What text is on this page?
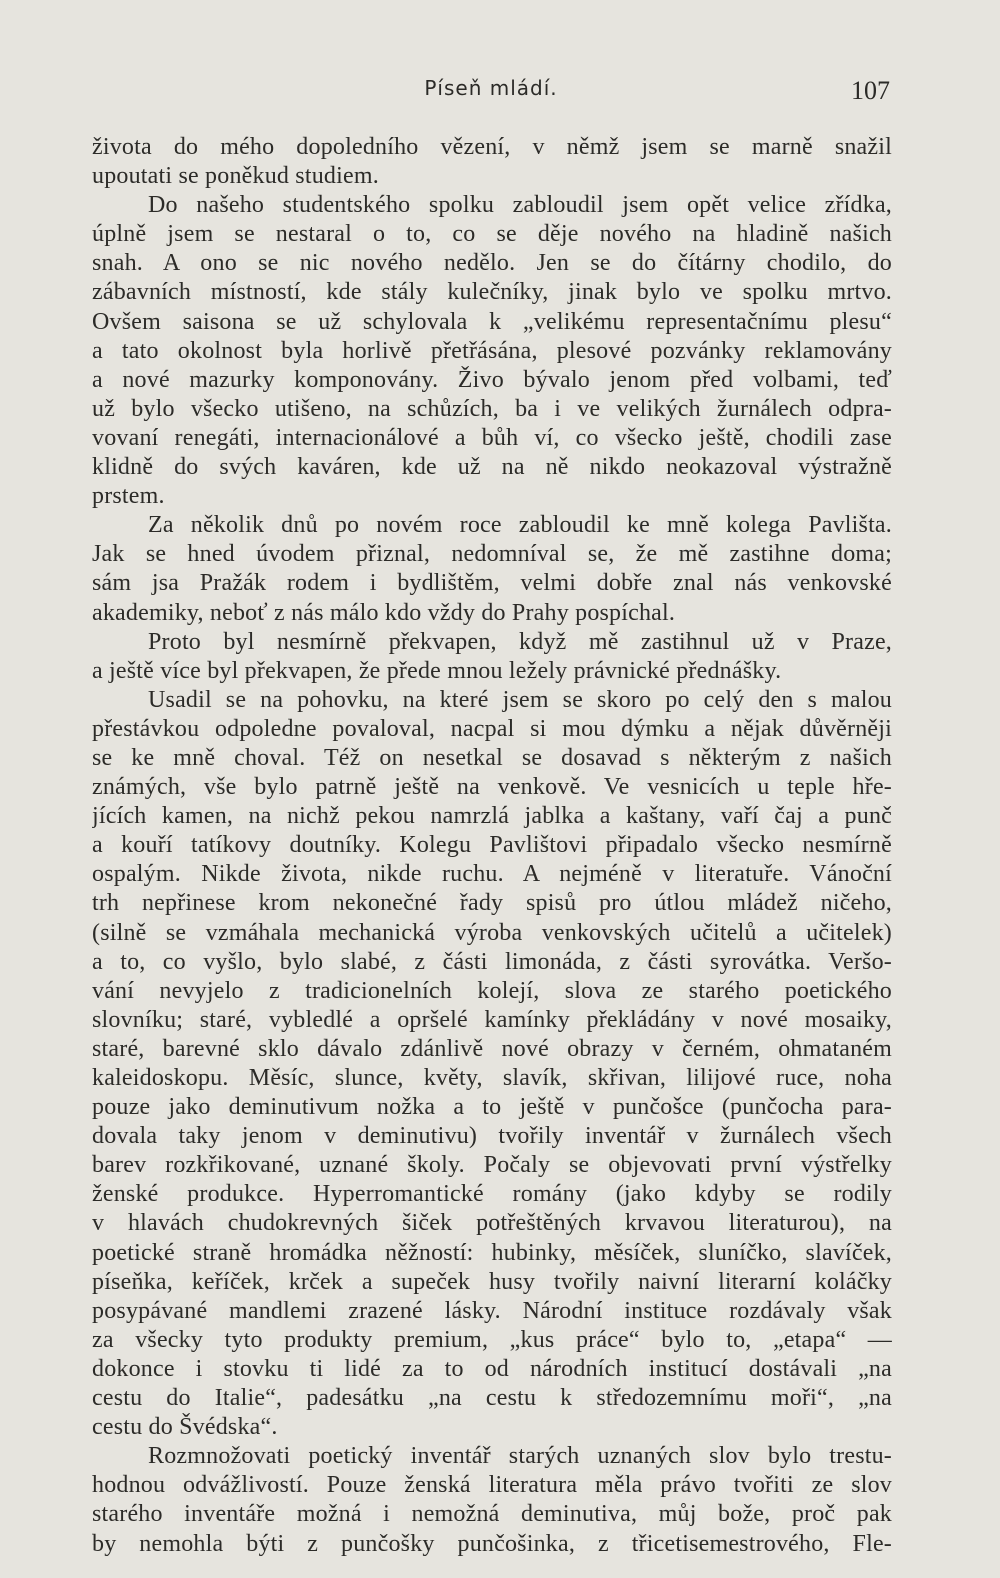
Píseň mládí.	107
života do mého dopoledního vězení, v němž jsem se marně snažil
upoutati se poněkud studiem.
Do našeho studentského spolku zabloudil jsem opět velice zřídka,
úplně jsem se nestaral o to, co se děje nového na hladině našich
snah. A ono se nic nového nedělo. Jen se do čítárny chodilo, do
zábavních místností, kde stály kulečníky, jinak bylo ve spolku mrtvo.
Ovšem saisona se už schylovala k „velikému representačnímu plesu“
a tato okolnost byla horlivě přetřásána, plesové pozvánky reklamovány
a nové mazurky komponovány. Živo bývalo jenom před volbami, teď
už bylo všecko utišeno, na schůzích, ba i ve velikých žurnálech odpra-
vovaní renegáti, internacionálové a bůh ví, co všecko ještě, chodili zase
klidně do svých kaváren, kde už na ně nikdo neokazoval výstražně
prstem.
Za několik dnů po novém roce zabloudil ke mně kolega Pavlišta.
Jak se hned úvodem přiznal, nedomníval se, že mě zastihne doma;
sám jsa Pražák rodem i bydlištěm, velmi dobře znal nás venkovské
akademiky, neboť z nás málo kdo vždy do Prahy pospíchal.
Proto byl nesmírně překvapen, když mě zastihnul už v Praze,
a ještě více byl překvapen, že přede mnou ležely právnické přednášky.
Usadil se na pohovku, na které jsem se skoro po celý den s malou
přestávkou odpoledne povaloval, nacpal si mou dýmku a nějak důvěrněji
se ke mně choval. Též on nesetkal se dosavad s některým z našich
známých, vše bylo patrně ještě na venkově. Ve vesnicích u teple hře-
jících kamen, na nichž pekou namrzlá jablka a kaštany, vaří čaj a punč
a kouří tatíkovy doutníky. Kolegu Pavlištovi připadalo všecko nesmírně
ospalým. Nikde života, nikde ruchu. A nejméně v literatuře. Vánoční
trh nepřinese krom nekonečné řady spisů pro útlou mládež ničeho,
(silně se vzmáhala mechanická výroba venkovských učitelů a učitelek)
a to, co vyšlo, bylo slabé, z části limonáda, z části syrovátka. Veršo-
vání nevyjelo z tradicionelních kolejí, slova ze starého poetického
slovníku; staré, vybledlé a opršelé kamínky překládány v nové mosaiky,
staré, barevné sklo dávalo zdánlivě nové obrazy v černém, ohmataném
kaleidoskopu. Měsíc, slunce, květy, slavík, skřivan, lilijové ruce, noha
pouze jako deminutivum nožka a to ještě v punčošce (punčocha para-
dovala taky jenom v deminutivu) tvořily inventář v žurnálech všech
barev rozkřikované, uznané školy. Počaly se objevovati první výstřelky
ženské produkce. Hyperromantické romány (jako kdyby se rodily
v hlavách chudokrevných šiček potřeštěných krvavou literaturou), na
poetické straně hromádka něžností: hubinky, měsíček, sluníčko, slavíček,
píseňka, keříček, krček a supeček husy tvořily naivní literarní koláčky
posypávané mandlemi zrazené lásky. Národní instituce rozdávaly však
za všecky tyto produkty premium, „kus práce“ bylo to, „etapa“ —
dokonce i stovku ti lidé za to od národních institucí dostávali „na
cestu do Italie“, padesátku „na cestu k středozemnímu moři“, „na
cestu do Švédska“.
Rozmnožovati poetický inventář starých uznaných slov bylo trestu-
hodnou odvážlivostí. Pouze ženská literatura měla právo tvořiti ze slov
starého inventáře možná i nemožná deminutiva, můj bože, proč pak
by nemohla býti z punčošky punčošinka, z třicetisemestrového, Fle-
